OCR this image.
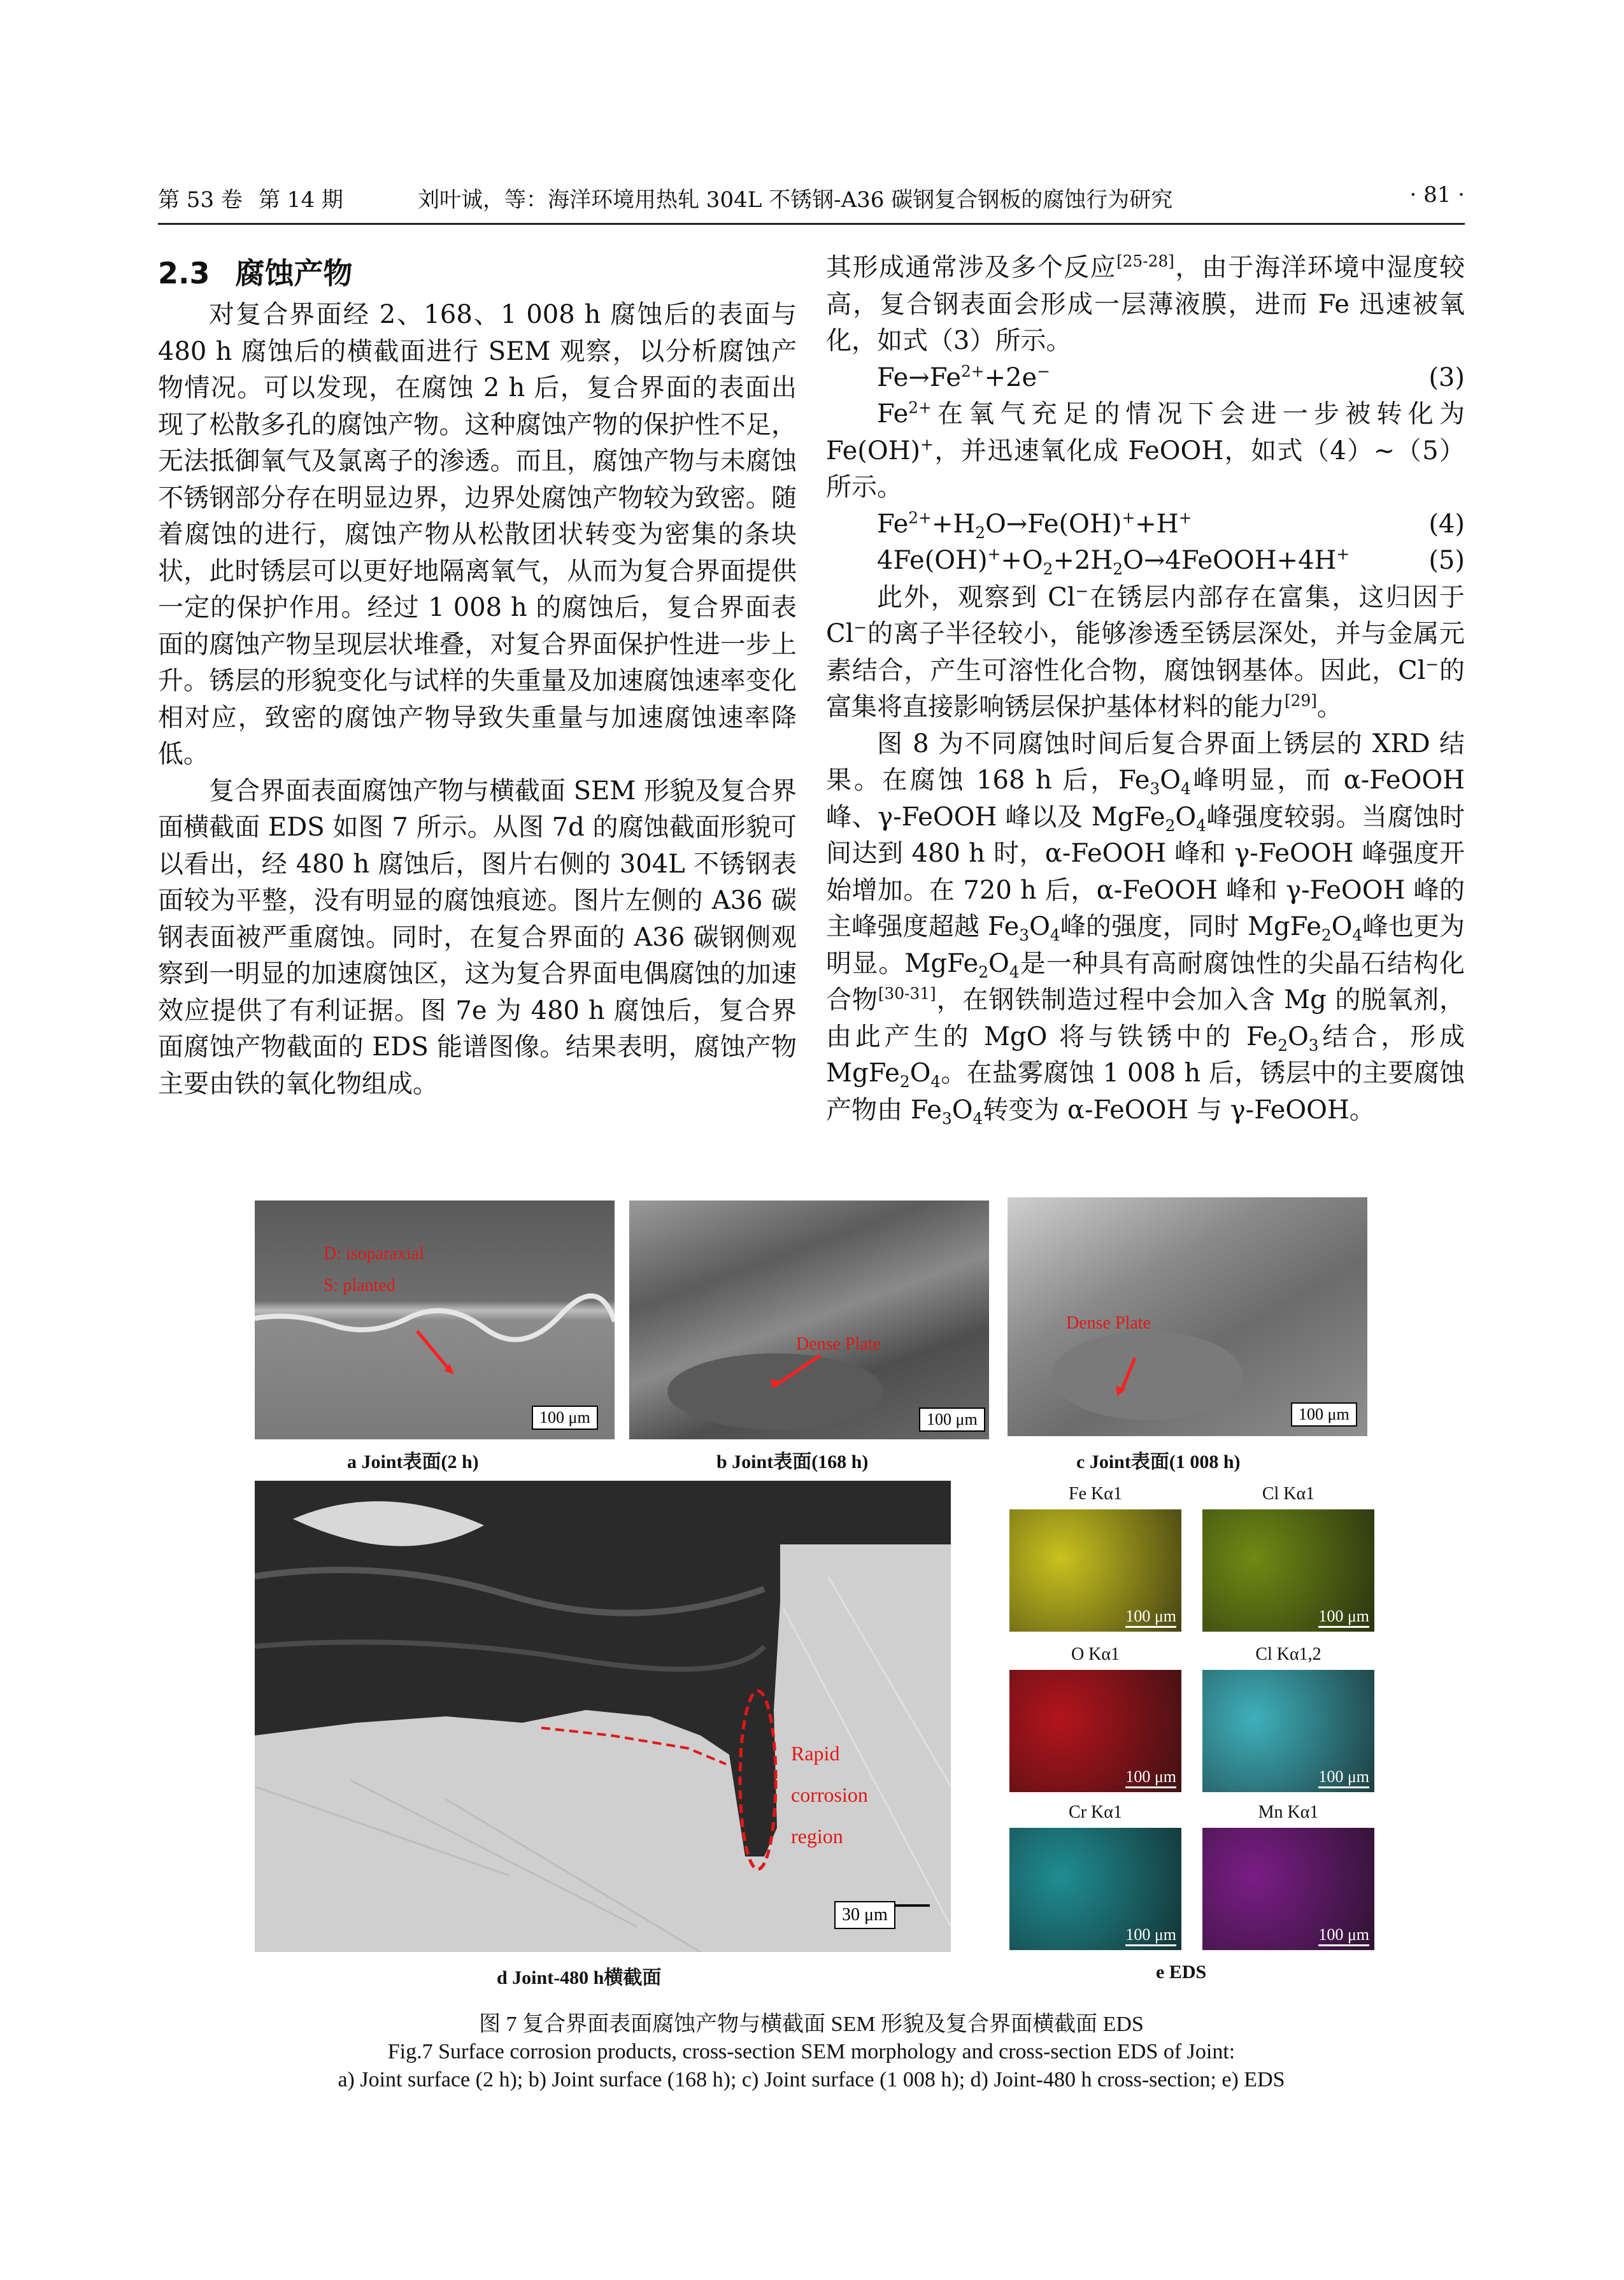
第 53 卷 第 14 期	刘叶诚，等：海洋环境用热轧 304L 不锈钢-A36 碳钢复合钢板的腐蚀行为研究	· 81 ·
2.3 腐蚀产物

对复合界面经 2、168、1 008 h 腐蚀后的表面与 480 h 腐蚀后的横截面进行 SEM 观察，以分析腐蚀产物情况。可以发现，在腐蚀 2 h 后，复合界面的表面出现了松散多孔的腐蚀产物。这种腐蚀产物的保护性不足，无法抵御氧气及氯离子的渗透。而且，腐蚀产物与未腐蚀不锈钢部分存在明显边界，边界处腐蚀产物较为致密。随着腐蚀的进行，腐蚀产物从松散团状转变为密集的条块状，此时锈层可以更好地隔离氧气，从而为复合界面提供一定的保护作用。经过 1 008 h 的腐蚀后，复合界面表面的腐蚀产物呈现层状堆叠，对复合界面保护性进一步上升。锈层的形貌变化与试样的失重量及加速腐蚀速率变化相对应，致密的腐蚀产物导致失重量与加速腐蚀速率降低。

复合界面表面腐蚀产物与横截面 SEM 形貌及复合界面横截面 EDS 如图 7 所示。从图 7d 的腐蚀截面形貌可以看出，经 480 h 腐蚀后，图片右侧的 304L 不锈钢表面较为平整，没有明显的腐蚀痕迹。图片左侧的 A36 碳钢表面被严重腐蚀。同时，在复合界面的 A36 碳钢侧观察到一明显的加速腐蚀区，这为复合界面电偶腐蚀的加速效应提供了有利证据。图 7e 为 480 h 腐蚀后，复合界面腐蚀产物截面的 EDS 能谱图像。结果表明，腐蚀产物主要由铁的氧化物组成。

其形成通常涉及多个反应[25-28]，由于海洋环境中湿度较高，复合钢表面会形成一层薄液膜，进而 Fe 迅速被氧化，如式（3）所示。

$Fe\to Fe^{2+}+2e^-$	(3)

$Fe^{2+}$在氧气充足的情况下会进一步被转化为Fe(OH)+，并迅速氧化成 FeOOH，如式（4）~（5）所示。

$Fe^{2+}+H_2O\to Fe(OH)^++H^+$	(4)
$4Fe(OH)^++O_2+2H_2O\to 4FeOOH+4H^+$	(5)

此外，观察到 Cl−在锈层内部存在富集，这归因于 Cl−的离子半径较小，能够渗透至锈层深处，并与金属元素结合，产生可溶性化合物，腐蚀钢基体。因此，Cl−的富集将直接影响锈层保护基体材料的能力[29]。

图 8 为不同腐蚀时间后复合界面上锈层的 XRD 结果。在腐蚀 168 h 后，$Fe_3O_4$峰明显，而 α-FeOOH 峰、γ-FeOOH 峰以及 $MgFe_2O_4$峰强度较弱。当腐蚀时间达到 480 h 时，α-FeOOH 峰和 γ-FeOOH 峰强度开始增加。在 720 h 后，α-FeOOH 峰和 γ-FeOOH 峰的主峰强度超越 $Fe_3O_4$峰的强度，同时 $MgFe_2O_4$峰也更为明显。$MgFe_2O_4$是一种具有高耐腐蚀性的尖晶石结构化合物[30-31]，在钢铁制造过程中会加入含 Mg 的脱氧剂，由此产生的 MgO 将与铁锈中的 $Fe_2O_3$结合，形成 $MgFe_2O_4$。在盐雾腐蚀 1 008 h 后，锈层中的主要腐蚀产物由 $Fe_3O_4$转变为 α-FeOOH 与 γ-FeOOH。

D: isoparaxial
S: planted
100 μm
a Joint表面(2 h)
Dense Plate
100 μm
b Joint表面(168 h)
Dense Plate
100 μm
c Joint表面(1 008 h)
Rapid
corrosion
region
30 μm
d Joint-480 h横截面
Fe Kα1
100 μm
Cl Kα1
100 μm
O Kα1
100 μm
Cl Kα1,2
100 μm
Cr Kα1
100 μm
Mn Kα1
100 μm
e EDS
图 7 复合界面表面腐蚀产物与横截面 SEM 形貌及复合界面横截面 EDS
Fig.7 Surface corrosion products, cross-section SEM morphology and cross-section EDS of Joint:
a) Joint surface (2 h); b) Joint surface (168 h); c) Joint surface (1 008 h); d) Joint-480 h cross-section; e) EDS
